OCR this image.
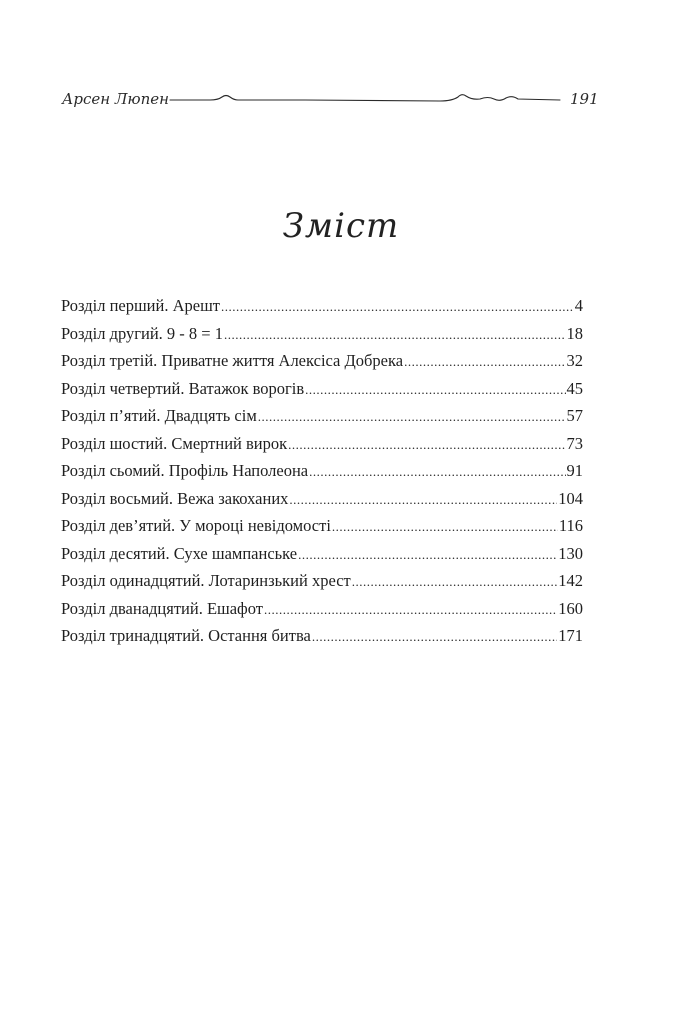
Арсен Люпен	191
Зміст
Розділ перший. Арешт .....	4
Розділ другий. 9 - 8 = 1 .....	18
Розділ третій. Приватне життя Алексіса Добрека .....	32
Розділ четвертий. Ватажок ворогів .....	45
Розділ п’ятий. Двадцять сім .....	57
Розділ шостий. Смертний вирок .....	73
Розділ сьомий. Профіль Наполеона .....	91
Розділ восьмий. Вежа закоханих .....	104
Розділ дев’ятий. У мороці невідомості .....	116
Розділ десятий. Сухе шампанське .....	130
Розділ одинадцятий. Лотаринзький хрест .....	142
Розділ дванадцятий. Ешафот .....	160
Розділ тринадцятий. Остання битва .....	171
